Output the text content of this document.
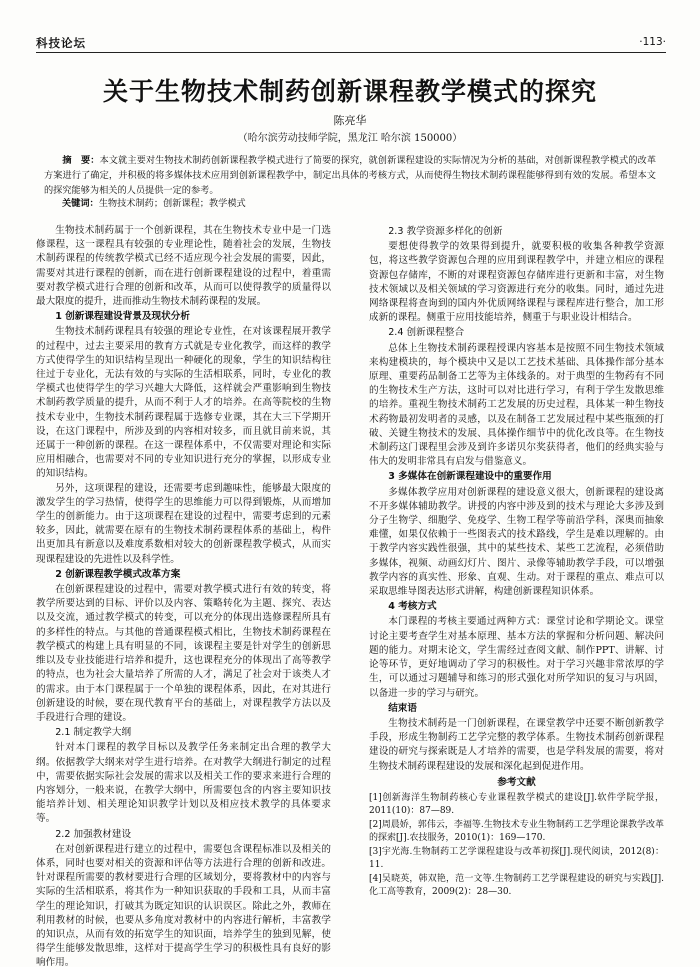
科技论坛	·113·
关于生物技术制药创新课程教学模式的探究
陈亮华
（哈尔滨劳动技师学院，黑龙江 哈尔滨 150000）
摘　要：本文就主要对生物技术制药创新课程教学模式进行了简要的探究，就创新课程建设的实际情况为分析的基础，对创新课程教学模式的改革方案进行了确定，并积极的将多媒体技术应用到创新课程教学中，制定出具体的考核方式，从而使得生物技术制药课程能够得到有效的发展。希望本文的探究能够为相关的人员提供一定的参考。
关键词：生物技术制药；创新课程；教学模式

生物技术制药属于一个创新课程，其在生物技术专业中是一门选修课程，这一课程具有较强的专业理论性，随着社会的发展，生物技术制药课程的传统教学模式已经不适应现今社会发展的需要，因此，需要对其进行课程的创新，而在进行创新课程建设的过程中，着重需要对教学模式进行合理的创新和改革，从而可以使得教学的质量得以最大限度的提升，进而推动生物技术制药课程的发展。

1 创新课程建设背景及现状分析

生物技术制药课程具有较强的理论专业性，在对该课程展开教学的过程中，过去主要采用的教育方式就是专业化教学，而这样的教学方式使得学生的知识结构呈现出一种硬化的现象，学生的知识结构往往过于专业化，无法有效的与实际的生活相联系，同时，专业化的教学模式也使得学生的学习兴趣大大降低，这样就会严重影响到生物技术制药教学质量的提升，从而不利于人才的培养。在高等院校的生物技术专业中，生物技术制药课程属于选修专业课，其在大三下学期开设，在这门课程中，所涉及到的内容相对较多，而且就目前来说，其还属于一种创新的课程。在这一课程体系中，不仅需要对理论和实际应用相融合，也需要对不同的专业知识进行充分的掌握，以形成专业的知识结构。

另外，这项课程的建设，还需要考虑到趣味性，能够最大限度的激发学生的学习热情，使得学生的思维能力可以得到锻炼，从而增加学生的创新能力。由于这项课程在建设的过程中，需要考虑到的元素较多，因此，就需要在原有的生物技术制药课程体系的基础上，构件出更加具有新意以及难度系数相对较大的创新课程教学模式，从而实现课程建设的先进性以及科学性。

2 创新课程教学模式改革方案

在创新课程建设的过程中，需要对教学模式进行有效的转变，将教学所要达到的目标、评价以及内容、策略转化为主题、探究、表达以及交流，通过教学模式的转变，可以充分的体现出选修课程所具有的多样性的特点。与其他的普通课程模式相比，生物技术制药课程在教学模式的构建上具有明显的不同，该课程主要是针对学生的创新思维以及专业技能进行培养和提升，这也课程充分的体现出了高等教学的特点，也为社会大量培养了所需的人才，满足了社会对于该类人才的需求。由于本门课程属于一个单独的课程体系，因此，在对其进行创新建设的时候，要在现代教育平台的基础上，对课程教学方法以及手段进行合理的建设。

2.1 制定教学大纲

针对本门课程的教学目标以及教学任务来制定出合理的教学大纲。依据教学大纲来对学生进行培养。在对教学大纲进行制定的过程中，需要依据实际社会发展的需求以及相关工作的要求来进行合理的内容划分，一般来说，在教学大纲中，所需要包含的内容主要知识技能培养计划、相关理论知识教学计划以及相应技术教学的具体要求等。

2.2 加强教材建设

在对创新课程进行建立的过程中，需要包含课程标准以及相关的体系，同时也要对相关的资源和评估等方法进行合理的创新和改进。针对课程所需要的教材要进行合理的区域划分，要将教材中的内容与实际的生活相联系，将其作为一种知识获取的手段和工具，从而丰富学生的理论知识，打破其为既定知识的认识误区。除此之外，教师在利用教材的时候，也要从多角度对教材中的内容进行解析，丰富教学的知识点，从而有效的拓宽学生的知识面，培养学生的独到见解，使得学生能够发散思维，这样对于提高学生学习的积极性具有良好的影响作用。

2.3 教学资源多样化的创新

要想使得教学的效果得到提升，就要积极的收集各种教学资源包，将这些教学资源包合理的应用到课程教学中，并建立相应的课程资源包存储库，不断的对课程资源包存储库进行更新和丰富，对生物技术领域以及相关领域的学习资源进行充分的收集。同时，通过先进网络课程将查询到的国内外优质网络课程与课程库进行整合，加工形成新的课程。侧重于应用技能培养，侧重于与职业设计相结合。

2.4 创新课程整合

总体上生物技术制药课程授课内容基本是按照不同生物技术领域来构建模块的，每个模块中又是以工艺技术基础、具体操作部分基本原理、重要药品制备工艺等为主体线条的。对于典型的生物药有不同的生物技术生产方法，这时可以对比进行学习，有利于学生发散思维的培养。重视生物技术制药工艺发展的历史过程，具体某一种生物技术药物最初发明者的灵感，以及在制备工艺发展过程中某些瓶颈的打破、关键生物技术的发展、具体操作细节中的优化改良等。在生物技术制药这门课程里会涉及到许多诺贝尔奖获得者，他们的经典实验与伟大的发明非常具有启发与借鉴意义。

3 多媒体在创新课程建设中的重要作用

多媒体教学应用对创新课程的建设意义很大，创新课程的建设离不开多媒体辅助教学。讲授的内容中涉及到的技术与理论大多涉及到分子生物学、细胞学、免疫学、生物工程学等前沿学科，深奥而抽象难懂，如果仅依赖于一些图表式的技术路线，学生是难以理解的。由于教学内容实践性很强，其中的某些技术、某些工艺流程，必须借助多媒体，视频、动画幻灯片、图片、录像等辅助教学手段，可以增强教学内容的真实性、形象、直观、生动。对于课程的重点、难点可以采取思维导图表达形式讲解，构建创新课程知识体系。

4 考核方式

本门课程的考核主要通过两种方式：课堂讨论和学期论文。课堂讨论主要考查学生对基本原理、基本方法的掌握和分析问题、解决问题的能力。对期末论文，学生需经过查阅文献、制作PPT、讲解、讨论等环节，更好地调动了学习的积极性。对于学习兴趣非常浓厚的学生，可以通过习题辅导和练习的形式强化对所学知识的复习与巩固，以备进一步的学习与研究。

结束语

生物技术制药是一门创新课程，在课堂教学中还要不断创新教学手段，形成生物制药工艺学完整的教学体系。生物技术制药创新课程建设的研究与探索既是人才培养的需要，也是学科发展的需要，将对生物技术制药课程建设的发展和深化起到促进作用。

参考文献

[1]创新海洋生物制药核心专业课程教学模式的建设[J].软件学院学报，2011(10)：87—89.

[2]周晨娇，郭伟云，李福等.生物技术专业生物制药工艺学理论课教学改革的探索[J].农技服务，2010(1)：169—170.

[3]宇光海.生物制药工艺学课程建设与改革初探[J].现代阅读，2012(8)：11.

[4]吴晓英，韩双艳，范一文等.生物制药工艺学课程建设的研究与实践[J].化工高等教育，2009(2)：28—30.
